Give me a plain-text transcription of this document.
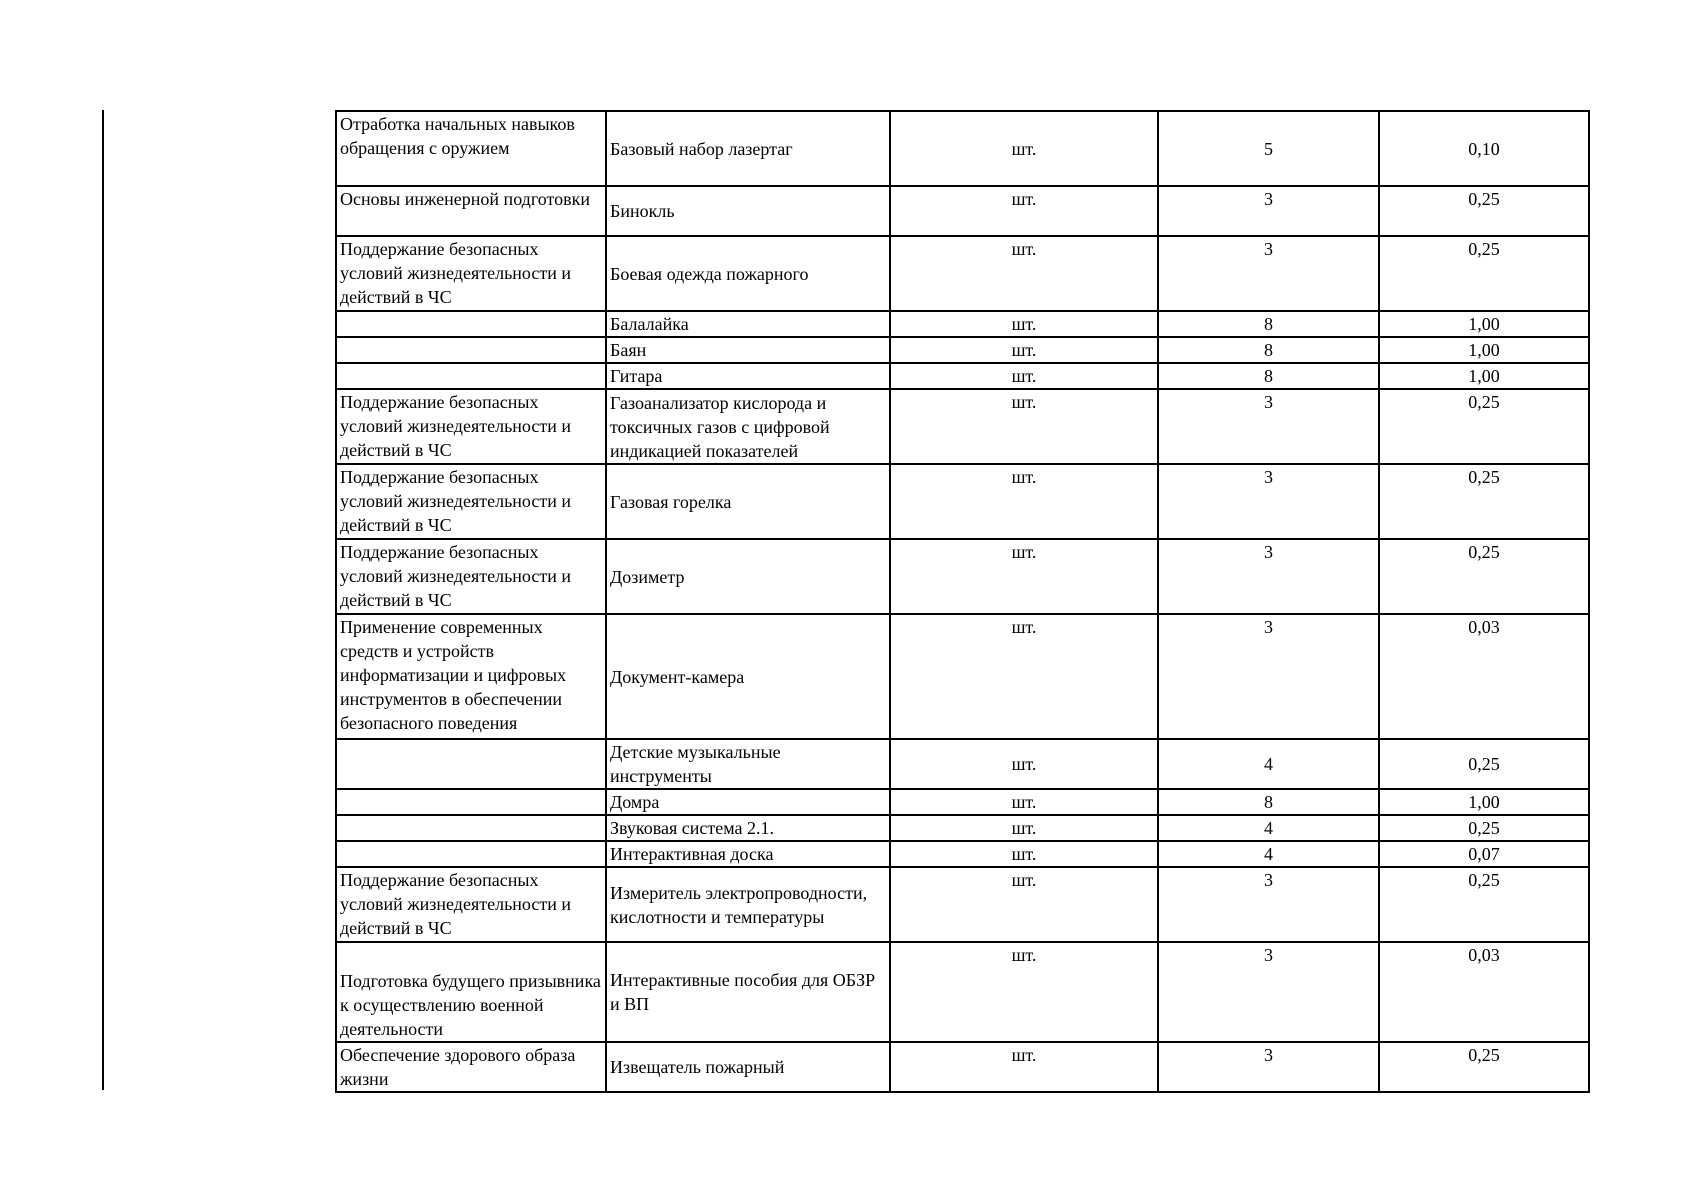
Отработка начальных навыков обращения с оружием	Базовый набор лазертаг	шт.	5	0,10
Основы инженерной подготовки	Бинокль	шт.	3	0,25
Поддержание безопасных условий жизнедеятельности и действий в ЧС	Боевая одежда пожарного	шт.	3	0,25
	Балалайка	шт.	8	1,00
	Баян	шт.	8	1,00
	Гитара	шт.	8	1,00
Поддержание безопасных условий жизнедеятельности и действий в ЧС	Газоанализатор кислорода и токсичных газов с цифровой индикацией показателей	шт.	3	0,25
Поддержание безопасных условий жизнедеятельности и действий в ЧС	Газовая горелка	шт.	3	0,25
Поддержание безопасных условий жизнедеятельности и действий в ЧС	Дозиметр	шт.	3	0,25
Применение современных средств и устройств информатизации и цифровых инструментов в обеспечении безопасного поведения	Документ-камера	шт.	3	0,03
	Детские музыкальные инструменты	шт.	4	0,25
	Домра	шт.	8	1,00
	Звуковая система 2.1.	шт.	4	0,25
	Интерактивная доска	шт.	4	0,07
Поддержание безопасных условий жизнедеятельности и действий в ЧС	Измеритель электропроводности, кислотности и температуры	шт.	3	0,25
Подготовка будущего призывника к осуществлению военной деятельности	Интерактивные пособия для ОБЗР и ВП	шт.	3	0,03
Обеспечение здорового образа жизни	Извещатель пожарный	шт.	3	0,25
